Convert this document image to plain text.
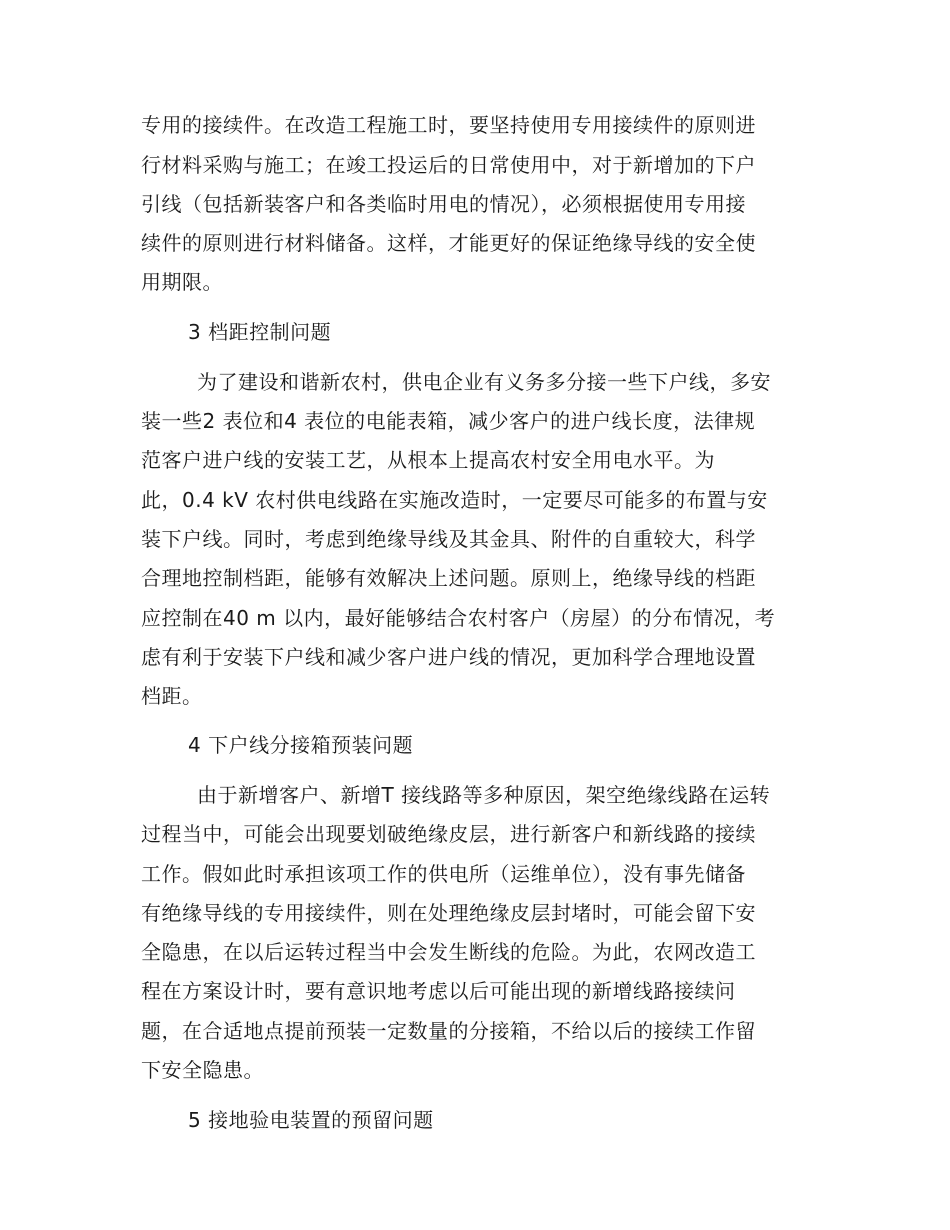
专用的接续件。在改造工程施工时，要坚持使用专用接续件的原则进
行材料采购与施工；在竣工投运后的日常使用中，对于新增加的下户
引线（包括新装客户和各类临时用电的情况），必须根据使用专用接
续件的原则进行材料储备。这样，才能更好的保证绝缘导线的安全使
用期限。
3 档距控制问题
为了建设和谐新农村，供电企业有义务多分接一些下户线，多安
装一些2 表位和4 表位的电能表箱，减少客户的进户线长度，法律规
范客户进户线的安装工艺，从根本上提高农村安全用电水平。为
此，0.4 kV 农村供电线路在实施改造时，一定要尽可能多的布置与安
装下户线。同时，考虑到绝缘导线及其金具、附件的自重较大，科学
合理地控制档距，能够有效解决上述问题。原则上，绝缘导线的档距
应控制在40 m 以内，最好能够结合农村客户（房屋）的分布情况，考
虑有利于安装下户线和减少客户进户线的情况，更加科学合理地设置
档距。
4 下户线分接箱预装问题
由于新增客户、新增T 接线路等多种原因，架空绝缘线路在运转
过程当中，可能会出现要划破绝缘皮层，进行新客户和新线路的接续
工作。假如此时承担该项工作的供电所（运维单位），没有事先储备
有绝缘导线的专用接续件，则在处理绝缘皮层封堵时，可能会留下安
全隐患，在以后运转过程当中会发生断线的危险。为此，农网改造工
程在方案设计时，要有意识地考虑以后可能出现的新增线路接续问
题，在合适地点提前预装一定数量的分接箱，不给以后的接续工作留
下安全隐患。
5 接地验电装置的预留问题
